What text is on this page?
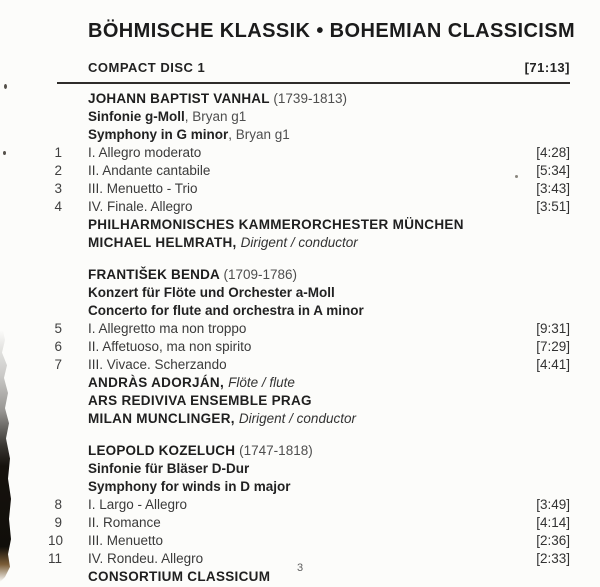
BÖHMISCHE KLASSIK • BOHEMIAN CLASSICISM
COMPACT DISC 1	[71:13]
JOHANN BAPTIST VANHAL (1739-1813)
Sinfonie g-Moll, Bryan g1
Symphony in G minor, Bryan g1
1	I. Allegro moderato	[4:28]
2	II. Andante cantabile	[5:34]
3	III. Menuetto - Trio	[3:43]
4	IV. Finale. Allegro	[3:51]
PHILHARMONISCHES KAMMERORCHESTER MÜNCHEN
MICHAEL HELMRATH, Dirigent / conductor
FRANTIŠEK BENDA (1709-1786)
Konzert für Flöte und Orchester a-Moll
Concerto for flute and orchestra in A minor
5	I. Allegretto ma non troppo	[9:31]
6	II. Affetuoso, ma non spirito	[7:29]
7	III. Vivace. Scherzando	[4:41]
ANDRÀS ADORJÁN, Flöte / flute
ARS REDIVIVA ENSEMBLE PRAG
MILAN MUNCLINGER, Dirigent / conductor
LEOPOLD KOZELUCH (1747-1818)
Sinfonie für Bläser D-Dur
Symphony for winds in D major
8	I. Largo - Allegro	[3:49]
9	II. Romance	[4:14]
10	III. Menuetto	[2:36]
11	IV. Rondeu. Allegro	[2:33]
CONSORTIUM CLASSICUM
3
